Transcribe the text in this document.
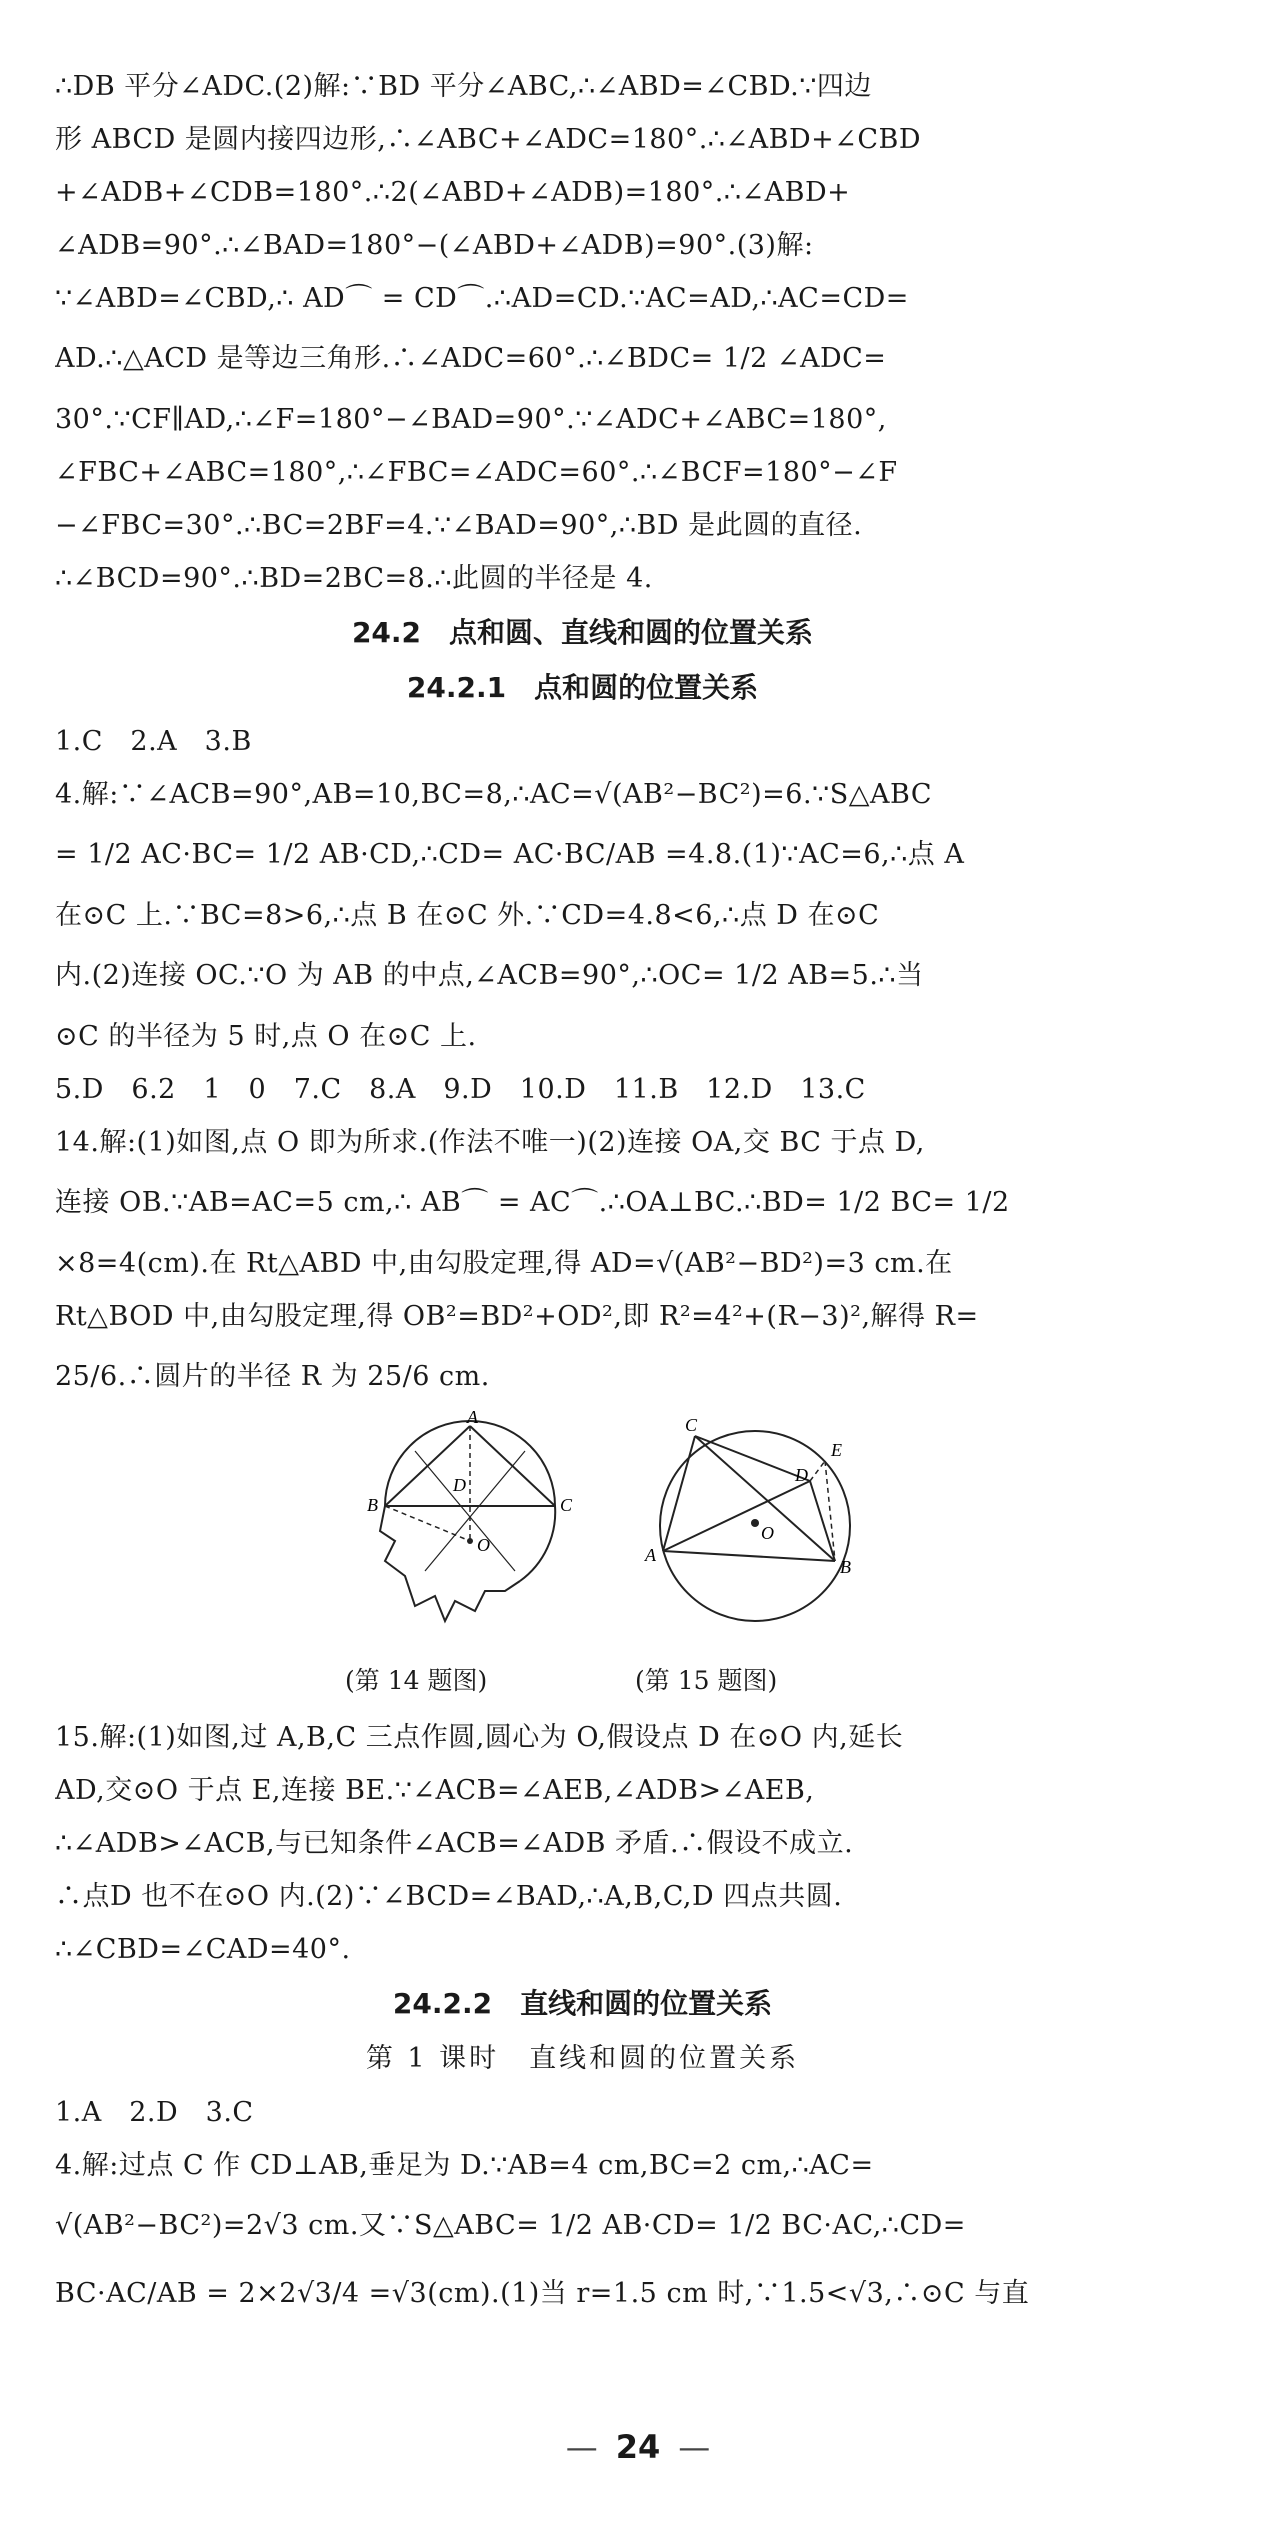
∴DB 平分∠ADC.(2)解:∵BD 平分∠ABC,∴∠ABD=∠CBD.∵四边
形 ABCD 是圆内接四边形,∴∠ABC+∠ADC=180°.∴∠ABD+∠CBD
+∠ADB+∠CDB=180°.∴2(∠ABD+∠ADB)=180°.∴∠ABD+
∠ADB=90°.∴∠BAD=180°−(∠ABD+∠ADB)=90°.(3)解:
∵∠ABD=∠CBD,∴ AD⌒ = CD⌒.∴AD=CD.∵AC=AD,∴AC=CD=
AD.∴△ACD 是等边三角形.∴∠ADC=60°.∴∠BDC= 1/2 ∠ADC=
30°.∵CF∥AD,∴∠F=180°−∠BAD=90°.∵∠ADC+∠ABC=180°,
∠FBC+∠ABC=180°,∴∠FBC=∠ADC=60°.∴∠BCF=180°−∠F
−∠FBC=30°.∴BC=2BF=4.∵∠BAD=90°,∴BD 是此圆的直径.
∴∠BCD=90°.∴BD=2BC=8.∴此圆的半径是 4.
24.2　点和圆、直线和圆的位置关系
24.2.1　点和圆的位置关系
1.C　2.A　3.B
4.解:∵∠ACB=90°,AB=10,BC=8,∴AC=√(AB²−BC²)=6.∵S△ABC
= 1/2 AC·BC= 1/2 AB·CD,∴CD= AC·BC/AB =4.8.(1)∵AC=6,∴点 A
在⊙C 上.∵BC=8>6,∴点 B 在⊙C 外.∵CD=4.8<6,∴点 D 在⊙C
内.(2)连接 OC.∵O 为 AB 的中点,∠ACB=90°,∴OC= 1/2 AB=5.∴当
⊙C 的半径为 5 时,点 O 在⊙C 上.
5.D　6.2　1　0　7.C　8.A　9.D　10.D　11.B　12.D　13.C
14.解:(1)如图,点 O 即为所求.(作法不唯一)(2)连接 OA,交 BC 于点 D,
连接 OB.∵AB=AC=5 cm,∴ AB⌒ = AC⌒.∴OA⊥BC.∴BD= 1/2 BC= 1/2
×8=4(cm).在 Rt△ABD 中,由勾股定理,得 AD=√(AB²−BD²)=3 cm.在
Rt△BOD 中,由勾股定理,得 OB²=BD²+OD²,即 R²=4²+(R−3)²,解得 R=
25/6.∴圆片的半径 R 为 25/6 cm.
A
B	C
D
O
(第 14 题图)
C
E
D
O
A
B
(第 15 题图)
15.解:(1)如图,过 A,B,C 三点作圆,圆心为 O,假设点 D 在⊙O 内,延长
AD,交⊙O 于点 E,连接 BE.∵∠ACB=∠AEB,∠ADB>∠AEB,
∴∠ADB>∠ACB,与已知条件∠ACB=∠ADB 矛盾.∴假设不成立.
∴点D 也不在⊙O 内.(2)∵∠BCD=∠BAD,∴A,B,C,D 四点共圆.
∴∠CBD=∠CAD=40°.
24.2.2　直线和圆的位置关系
第 1 课时　直线和圆的位置关系
1.A　2.D　3.C
4.解:过点 C 作 CD⊥AB,垂足为 D.∵AB=4 cm,BC=2 cm,∴AC=
√(AB²−BC²)=2√3 cm.又∵S△ABC= 1/2 AB·CD= 1/2 BC·AC,∴CD=
BC·AC/AB = 2×2√3/4 =√3(cm).(1)当 r=1.5 cm 时,∵1.5<√3,∴⊙C 与直
— 24 —
